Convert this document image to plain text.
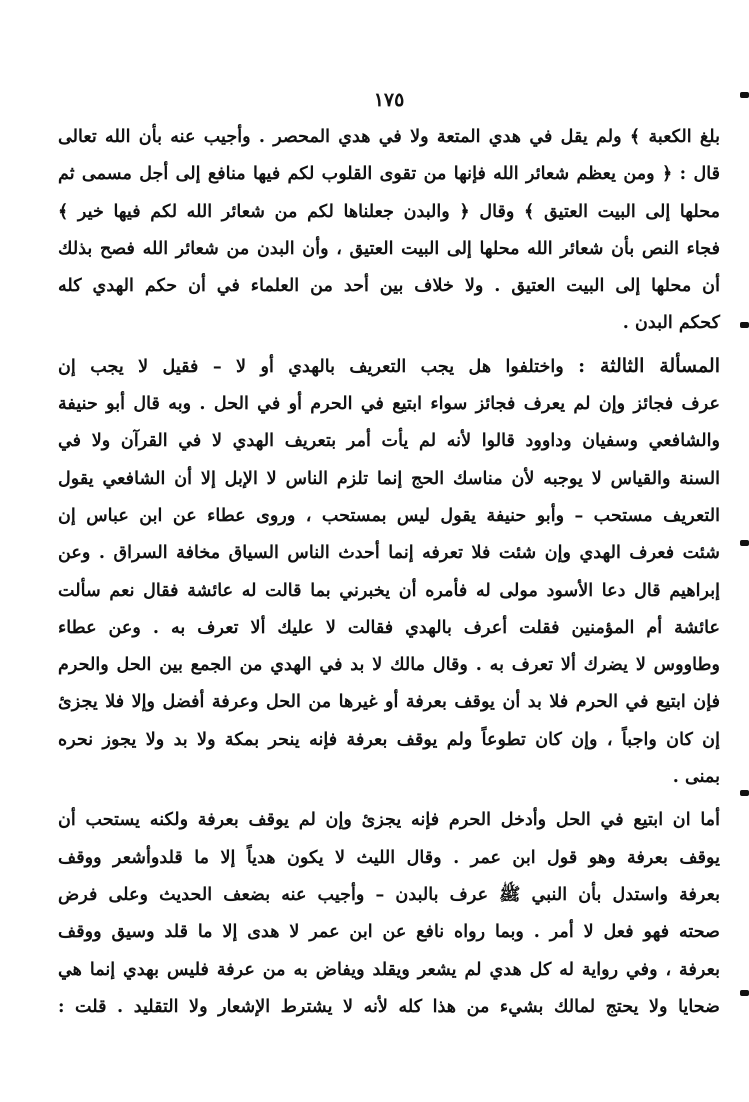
١٧٥
بلغ الكعبة ﴾ ولم يقل في هدي المتعة ولا في هدي المحصر . وأجيب عنه بأن الله تعالى
قال : ﴿ ومن يعظم شعائر الله فإنها من تقوى القلوب لكم فيها منافع إلى أجل مسمى ثم
محلها إلى البيت العتيق ﴾ وقال ﴿ والبدن جعلناها لكم من شعائر الله لكم فيها خير ﴾
فجاء النص بأن شعائر الله محلها إلى البيت العتيق ، وأن البدن من شعائر الله فصح بذلك
أن محلها إلى البيت العتيق . ولا خلاف بين أحد من العلماء في أن حكم الهدي كله
كحكم البدن .
المسألة الثالثة : واختلفوا هل يجب التعريف بالهدي أو لا – فقيل لا يجب إن
عرف فجائز وإن لم يعرف فجائز سواء ابتيع في الحرم أو في الحل . وبه قال أبو حنيفة
والشافعي وسفيان وداوود قالوا لأنه لم يأت أمر بتعريف الهدي لا في القرآن ولا في
السنة والقياس لا يوجبه لأن مناسك الحج إنما تلزم الناس لا الإبل إلا أن الشافعي يقول
التعريف مستحب – وأبو حنيفة يقول ليس بمستحب ، وروى عطاء عن ابن عباس إن
شئت فعرف الهدي وإن شئت فلا تعرفه إنما أحدث الناس السياق مخافة السراق . وعن
إبراهيم قال دعا الأسود مولى له فأمره أن يخبرني بما قالت له عائشة فقال نعم سألت
عائشة أم المؤمنين فقلت أعرف بالهدي فقالت لا عليك ألا تعرف به . وعن عطاء
وطاووس لا يضرك ألا تعرف به . وقال مالك لا بد في الهدي من الجمع بين الحل والحرم
فإن ابتيع في الحرم فلا بد أن يوقف بعرفة أو غيرها من الحل وعرفة أفضل وإلا فلا يجزئ
إن كان واجباً ، وإن كان تطوعاً ولم يوقف بعرفة فإنه ينحر بمكة ولا بد ولا يجوز نحره
بمنى .
أما ان ابتيع في الحل وأدخل الحرم فإنه يجزئ وإن لم يوقف بعرفة ولكنه يستحب أن
يوقف بعرفة وهو قول ابن عمر . وقال الليث لا يكون هدياً إلا ما قلدوأشعر ووقف
بعرفة واستدل بأن النبي ﷺ عرف بالبدن – وأجيب عنه بضعف الحديث وعلى فرض
صحته فهو فعل لا أمر . وبما رواه نافع عن ابن عمر لا هدى إلا ما قلد وسيق ووقف
بعرفة ، وفي رواية له كل هدي لم يشعر ويقلد ويفاض به من عرفة فليس بهدي إنما هي
ضحايا ولا يحتج لمالك بشيء من هذا كله لأنه لا يشترط الإشعار ولا التقليد . قلت :
